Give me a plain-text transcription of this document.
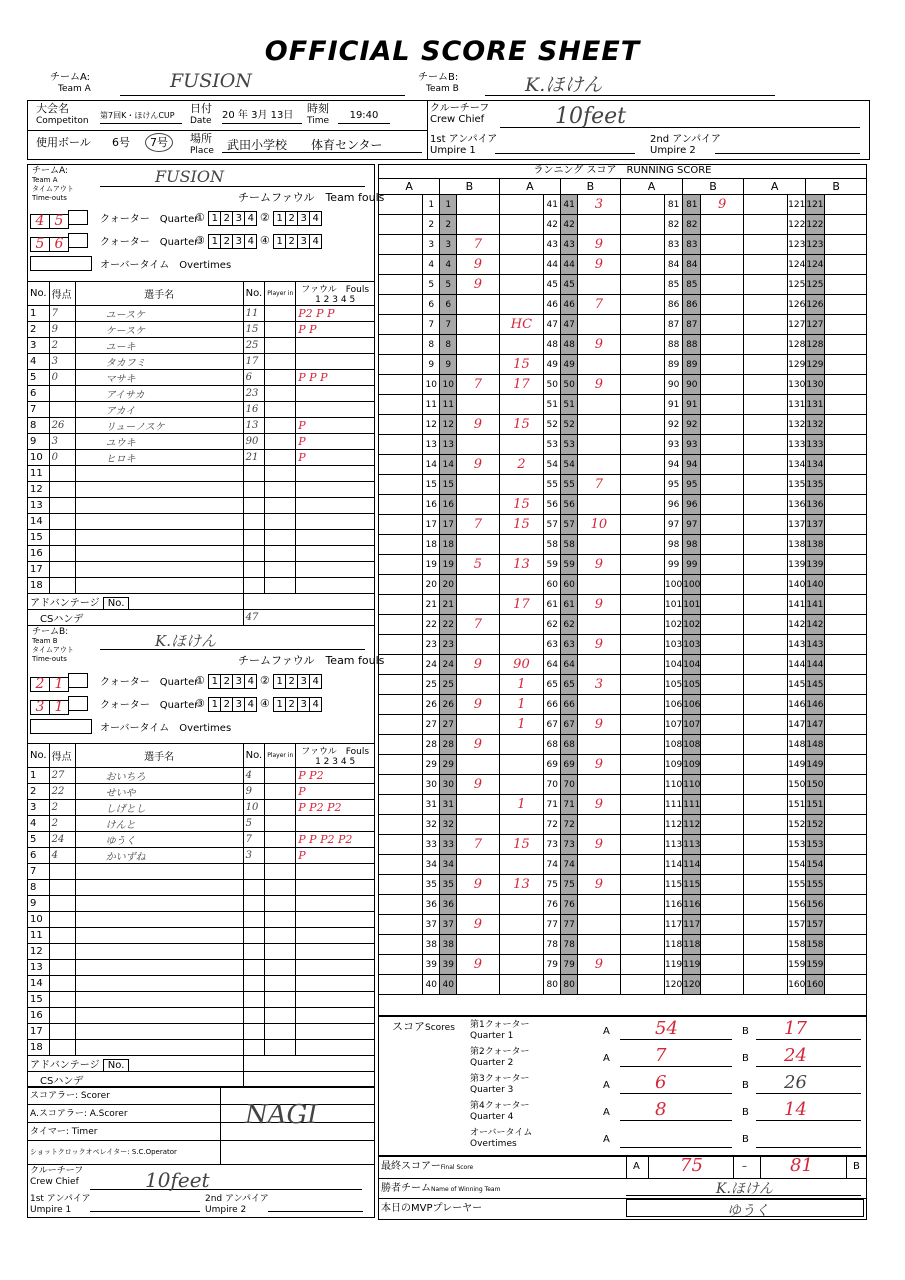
OFFICIAL SCORE SHEET
チームA:
Team A	FUSION	チームB:
Team B	K.ほけん
大会名
Competiton
第7回K・ほけんCUP
日付
Date 20 年 3月 13日
時刻
Time	19:40
使用ボール 6号	7号	場所
Place	武田小学校　　体育センター
クルーチーフ
Crew Chief	10feet
1st アンパイア
Umpire 1
2nd アンパイア
Umpire 2
チームA:
Team A
タイムアウト
Time-outs
FUSION
チームファウル　Team fouls
4 5	クォーター　Quarter
① 1 2 3 4 ② 1 2 3 4
5 6	クォーター　Quarter
③ 1 2 3 4 ④ 1 2 3 4
オーバータイム　Overtimes
No.	得点	選手名	No.	Player in	ファウル　Fouls
1 2 3 4 5
1	7	ユースケ	11		P2 P P
2	9	ケースケ	15		P P
3	2	ユーキ	25		
4	3	タカフミ	17		
5	0	マサキ	6		P P P
6		アイサカ	23		
7		アカイ	16		
8	26	リューノスケ	13		P
9	3	ユウキ	90		P
10	0	ヒロキ	21		P
11					
12					
13					
14					
15					
16					
17					
18					
アドバンテージ No.					
CSハンデ			47		
チームB:
Team B
タイムアウト
Time-outs
K.ほけん
チームファウル　Team fouls
2 1	クォーター　Quarter
① 1 2 3 4 ② 1 2 3 4
3 1	クォーター　Quarter
③ 1 2 3 4 ④ 1 2 3 4
オーバータイム　Overtimes
No.	得点	選手名	No.	Player in	ファウル　Fouls
1 2 3 4 5
1	27	おいちろ	4		P P2
2	22	せいや	9		P
3	2	しげとし	10		P P2 P2
4	2	けんと	5		
5	24	ゆうく	7		P P P2 P2
6	4	かいずね	3		P
7					
8					
9					
10					
11					
12					
13					
14					
15					
16					
17					
18					
アドバンテージ No.					
CSハンデ					
スコアラー: Scorer
A.スコアラー: A.Scorer
タイマー: Timer
ショットクロックオペレイター: S.C.Operator
NAGI
クルーチーフ
Crew Chief	10feet
1st アンパイア
Umpire 1
2nd アンパイア
Umpire 2
ランニング スコア　RUNNING SCORE
A		B		A		B		A		B		A		B	
	1	1			41	41	3		81	81	9		121	121	
	2	2			42	42			82	82			122	122	
	3	3	7		43	43	9		83	83			123	123	
	4	4	9		44	44	9		84	84			124	124	
	5	5	9		45	45			85	85			125	125	
	6	6			46	46	7		86	86			126	126	
	7	7		HC	47	47			87	87			127	127	
	8	8			48	48	9		88	88			128	128	
	9	9		15	49	49			89	89			129	129	
	10	10	7	17	50	50	9		90	90			130	130	
	11	11			51	51			91	91			131	131	
	12	12	9	15	52	52			92	92			132	132	
	13	13			53	53			93	93			133	133	
	14	14	9	2	54	54			94	94			134	134	
	15	15			55	55	7		95	95			135	135	
	16	16		15	56	56			96	96			136	136	
	17	17	7	15	57	57	10		97	97			137	137	
	18	18			58	58			98	98			138	138	
	19	19	5	13	59	59	9		99	99			139	139	
	20	20			60	60			100	100			140	140	
	21	21		17	61	61	9		101	101			141	141	
	22	22	7		62	62			102	102			142	142	
	23	23			63	63	9		103	103			143	143	
	24	24	9	90	64	64			104	104			144	144	
	25	25		1	65	65	3		105	105			145	145	
	26	26	9	1	66	66			106	106			146	146	
	27	27		1	67	67	9		107	107			147	147	
	28	28	9		68	68			108	108			148	148	
	29	29			69	69	9		109	109			149	149	
	30	30	9		70	70			110	110			150	150	
	31	31		1	71	71	9		111	111			151	151	
	32	32			72	72			112	112			152	152	
	33	33	7	15	73	73	9		113	113			153	153	
	34	34			74	74			114	114			154	154	
	35	35	9	13	75	75	9		115	115			155	155	
	36	36			76	76			116	116			156	156	
	37	37	9		77	77			117	117			157	157	
	38	38			78	78			118	118			158	158	
	39	39	9		79	79	9		119	119			159	159	
	40	40			80	80			120	120			160	160	
スコアScores 第1クォーター
Quarter 1	A	54	B	17
第2クォーター
Quarter 2	A	7	B	24
第3クォーター
Quarter 3	A	6	B	26
第4クォーター
Quarter 4	A	8	B	14
オーバータイム
Overtimes	A	B
最終スコアーFinal Score	A 75	– 81	B
勝者チームName of Winning Team	K.ほけん
本日のMVPプレーヤー	ゆうく
